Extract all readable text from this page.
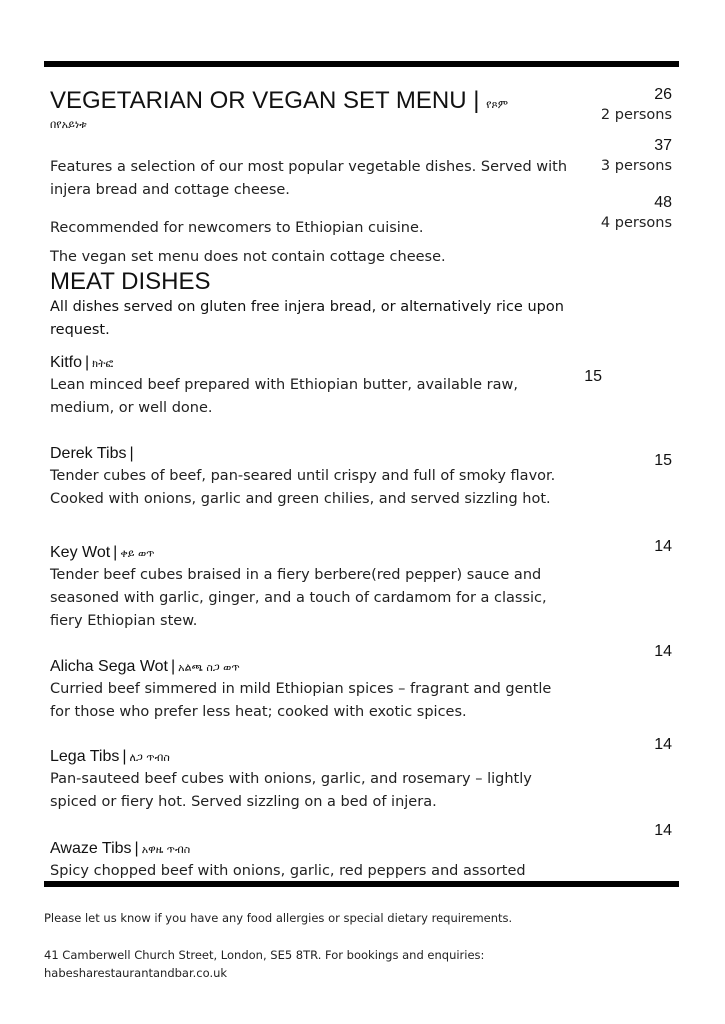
VEGETARIAN OR VEGAN SET MENU | የጾም
በየአይነቱ
Features a selection of our most popular vegetable dishes. Served with injera bread and cottage cheese.
Recommended for newcomers to Ethiopian cuisine.
The vegan set menu does not contain cottage cheese.
26
2 persons
37
3 persons
48
4 persons
MEAT DISHES
All dishes served on gluten free injera bread, or alternatively rice upon request.
Kitfo | ክትፎ
Lean minced beef prepared with Ethiopian butter, available raw, medium, or well done.
15
Derek Tibs |
Tender cubes of beef, pan-seared until crispy and full of smoky flavor. Cooked with onions, garlic and green chilies, and served sizzling hot.
15
Key Wot | ቀይ ወጥ
Tender beef cubes braised in a fiery berbere(red pepper) sauce and seasoned with garlic, ginger, and a touch of cardamom for a classic, fiery Ethiopian stew.
14
Alicha Sega Wot | አልጫ ስጋ ወጥ
Curried beef simmered in mild Ethiopian spices – fragrant and gentle for those who prefer less heat; cooked with exotic spices.
14
Lega Tibs | ለጋ ጥብስ
Pan-sauteed beef cubes with onions, garlic, and rosemary – lightly spiced or fiery hot. Served sizzling on a bed of injera.
14
Awaze Tibs | አዋዜ ጥብስ
Spicy chopped beef with onions, garlic, red peppers and assorted
14
Please let us know if you have any food allergies or special dietary requirements.
41 Camberwell Church Street, London, SE5 8TR. For bookings and enquiries:
habesharestaurantandbar.co.uk
